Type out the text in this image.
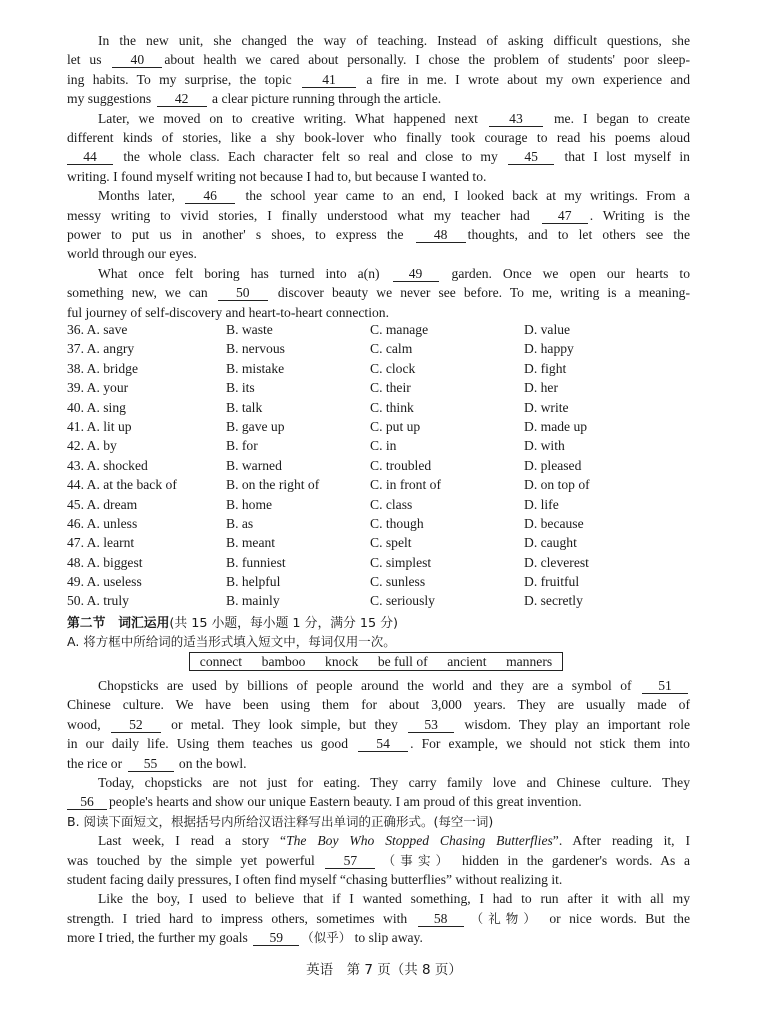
In the new unit, she changed the way of teaching. Instead of asking difficult questions, she
let us 40 about health we cared about personally. I chose the problem of students' poor sleep-
ing habits. To my surprise, the topic 41 a fire in me. I wrote about my own experience and
my suggestions 42 a clear picture running through the article.
Later, we moved on to creative writing. What happened next 43 me. I began to create
different kinds of stories, like a shy book-lover who finally took courage to read his poems aloud
44 the whole class. Each character felt so real and close to my 45 that I lost myself in
writing. I found myself writing not because I had to, but because I wanted to.
Months later, 46 the school year came to an end, I looked back at my writings. From a
messy writing to vivid stories, I finally understood what my teacher had 47 . Writing is the
power to put us in another' s shoes, to express the 48 thoughts, and to let others see the
world through our eyes.
What once felt boring has turned into a(n) 49 garden. Once we open our hearts to
something new, we can 50 discover beauty we never see before. To me, writing is a meaning-
ful journey of self-discovery and heart-to-heart connection.
36. A. save	B. waste	C. manage	D. value
37. A. angry	B. nervous	C. calm	D. happy
38. A. bridge	B. mistake	C. clock	D. fight
39. A. your	B. its	C. their	D. her
40. A. sing	B. talk	C. think	D. write
41. A. lit up	B. gave up	C. put up	D. made up
42. A. by	B. for	C. in	D. with
43. A. shocked	B. warned	C. troubled	D. pleased
44. A. at the back of	B. on the right of	C. in front of	D. on top of
45. A. dream	B. home	C. class	D. life
46. A. unless	B. as	C. though	D. because
47. A. learnt	B. meant	C. spelt	D. caught
48. A. biggest	B. funniest	C. simplest	D. cleverest
49. A. useless	B. helpful	C. sunless	D. fruitful
50. A. truly	B. mainly	C. seriously	D. secretly
第二节　词汇运用(共 15 小题，每小题 1 分，满分 15 分)
A. 将方框中所给词的适当形式填入短文中，每词仅用一次。
connect bamboo knock be full of ancient manners
Chopsticks are used by billions of people around the world and they are a symbol of 51
Chinese culture. We have been using them for about 3,000 years. They are usually made of
wood, 52 or metal. They look simple, but they 53 wisdom. They play an important role
in our daily life. Using them teaches us good 54 . For example, we should not stick them into
the rice or 55 on the bowl.
Today, chopsticks are not just for eating. They carry family love and Chinese culture. They
56 people's hearts and show our unique Eastern beauty. I am proud of this great invention.
B. 阅读下面短文，根据括号内所给汉语注释写出单词的正确形式。(每空一词)
Last week, I read a story “The Boy Who Stopped Chasing Butterflies”. After reading it, I
was touched by the simple yet powerful 57 （事实） hidden in the gardener's words. As a
student facing daily pressures, I often find myself “chasing butterflies” without realizing it.
Like the boy, I used to believe that if I wanted something, I had to run after it with all my
strength. I tried hard to impress others, sometimes with 58 （礼物） or nice words. But the
more I tried, the further my goals 59 （似乎） to slip away.
英语　第 7 页（共 8 页）
